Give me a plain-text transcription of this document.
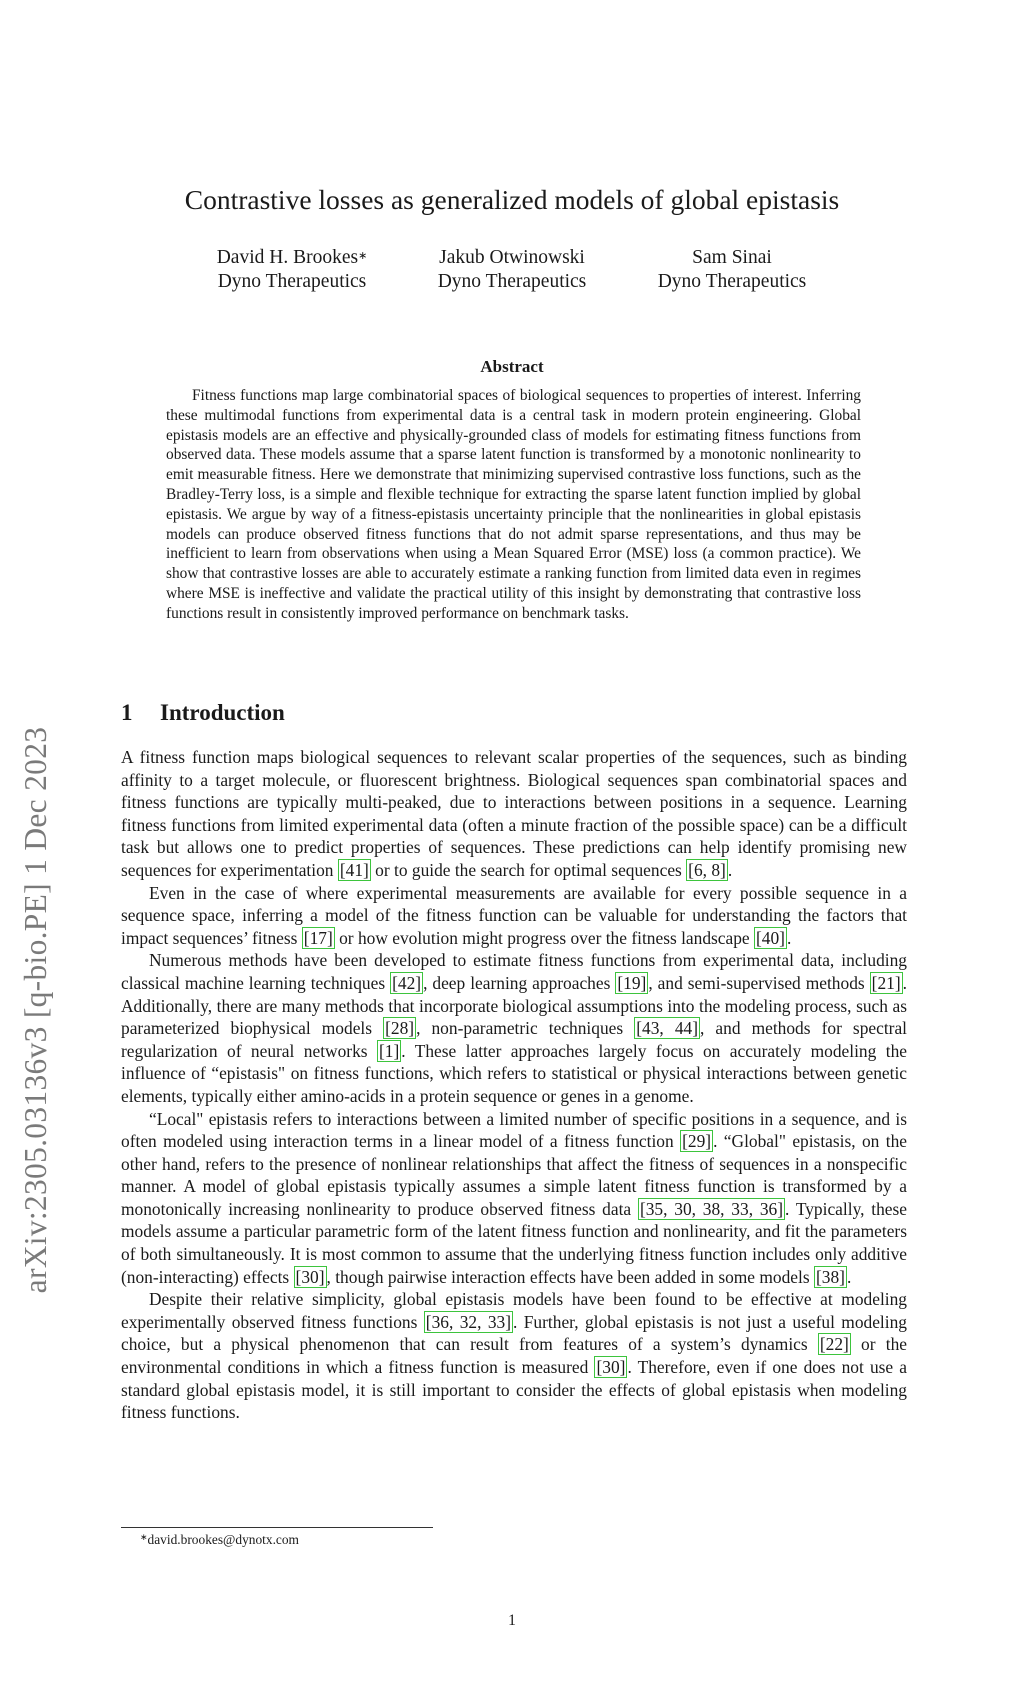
arXiv:2305.03136v3 [q-bio.PE] 1 Dec 2023
Contrastive losses as generalized models of global epistasis
David H. Brookes∗
Dyno Therapeutics
Jakub Otwinowski
Dyno Therapeutics
Sam Sinai
Dyno Therapeutics
Abstract

Fitness functions map large combinatorial spaces of biological sequences to properties of interest. Inferring these multimodal functions from experimental data is a central task in modern protein engineering. Global epistasis models are an effective and physically-grounded class of models for estimating fitness functions from observed data. These models assume that a sparse latent function is transformed by a monotonic nonlinearity to emit measurable fitness. Here we demonstrate that minimizing supervised contrastive loss functions, such as the Bradley-Terry loss, is a simple and flexible technique for extracting the sparse latent function implied by global epistasis. We argue by way of a fitness-epistasis uncertainty principle that the nonlinearities in global epistasis models can produce observed fitness functions that do not admit sparse representations, and thus may be inefficient to learn from observations when using a Mean Squared Error (MSE) loss (a common practice). We show that contrastive losses are able to accurately estimate a ranking function from limited data even in regimes where MSE is ineffective and validate the practical utility of this insight by demonstrating that contrastive loss functions result in consistently improved performance on benchmark tasks.

1 Introduction

A fitness function maps biological sequences to relevant scalar properties of the sequences, such as binding affinity to a target molecule, or fluorescent brightness. Biological sequences span combinatorial spaces and fitness functions are typically multi-peaked, due to interactions between positions in a sequence. Learning fitness functions from limited experimental data (often a minute fraction of the possible space) can be a difficult task but allows one to predict properties of sequences. These predictions can help identify promising new sequences for experimentation [41] or to guide the search for optimal sequences [6, 8] .

Even in the case of where experimental measurements are available for every possible sequence in a sequence space, inferring a model of the fitness function can be valuable for understanding the factors that impact sequences’ fitness [17] or how evolution might progress over the fitness landscape [40] .

Numerous methods have been developed to estimate fitness functions from experimental data, including classical machine learning techniques [42] , deep learning approaches [19] , and semi-supervised methods [21] . Additionally, there are many methods that incorporate biological assumptions into the modeling process, such as parameterized biophysical models [28] , non-parametric techniques [43, 44] , and methods for spectral regularization of neural networks [1] . These latter approaches largely focus on accurately modeling the influence of “epistasis" on fitness functions, which refers to statistical or physical interactions between genetic elements, typically either amino-acids in a protein sequence or genes in a genome.

“Local" epistasis refers to interactions between a limited number of specific positions in a sequence, and is often modeled using interaction terms in a linear model of a fitness function [29] . “Global" epistasis, on the other hand, refers to the presence of nonlinear relationships that affect the fitness of sequences in a nonspecific manner. A model of global epistasis typically assumes a simple latent fitness function is transformed by a monotonically increasing nonlinearity to produce observed fitness data [35, 30, 38, 33, 36] . Typically, these models assume a particular parametric form of the latent fitness function and nonlinearity, and fit the parameters of both simultaneously. It is most common to assume that the underlying fitness function includes only additive (non-interacting) effects [30] , though pairwise interaction effects have been added in some models [38] .

Despite their relative simplicity, global epistasis models have been found to be effective at modeling experimentally observed fitness functions [36, 32, 33] . Further, global epistasis is not just a useful modeling choice, but a physical phenomenon that can result from features of a system’s dynamics [22] or the environmental conditions in which a fitness function is measured [30] . Therefore, even if one does not use a standard global epistasis model, it is still important to consider the effects of global epistasis when modeling fitness functions.

∗david.brookes@dynotx.com
1
